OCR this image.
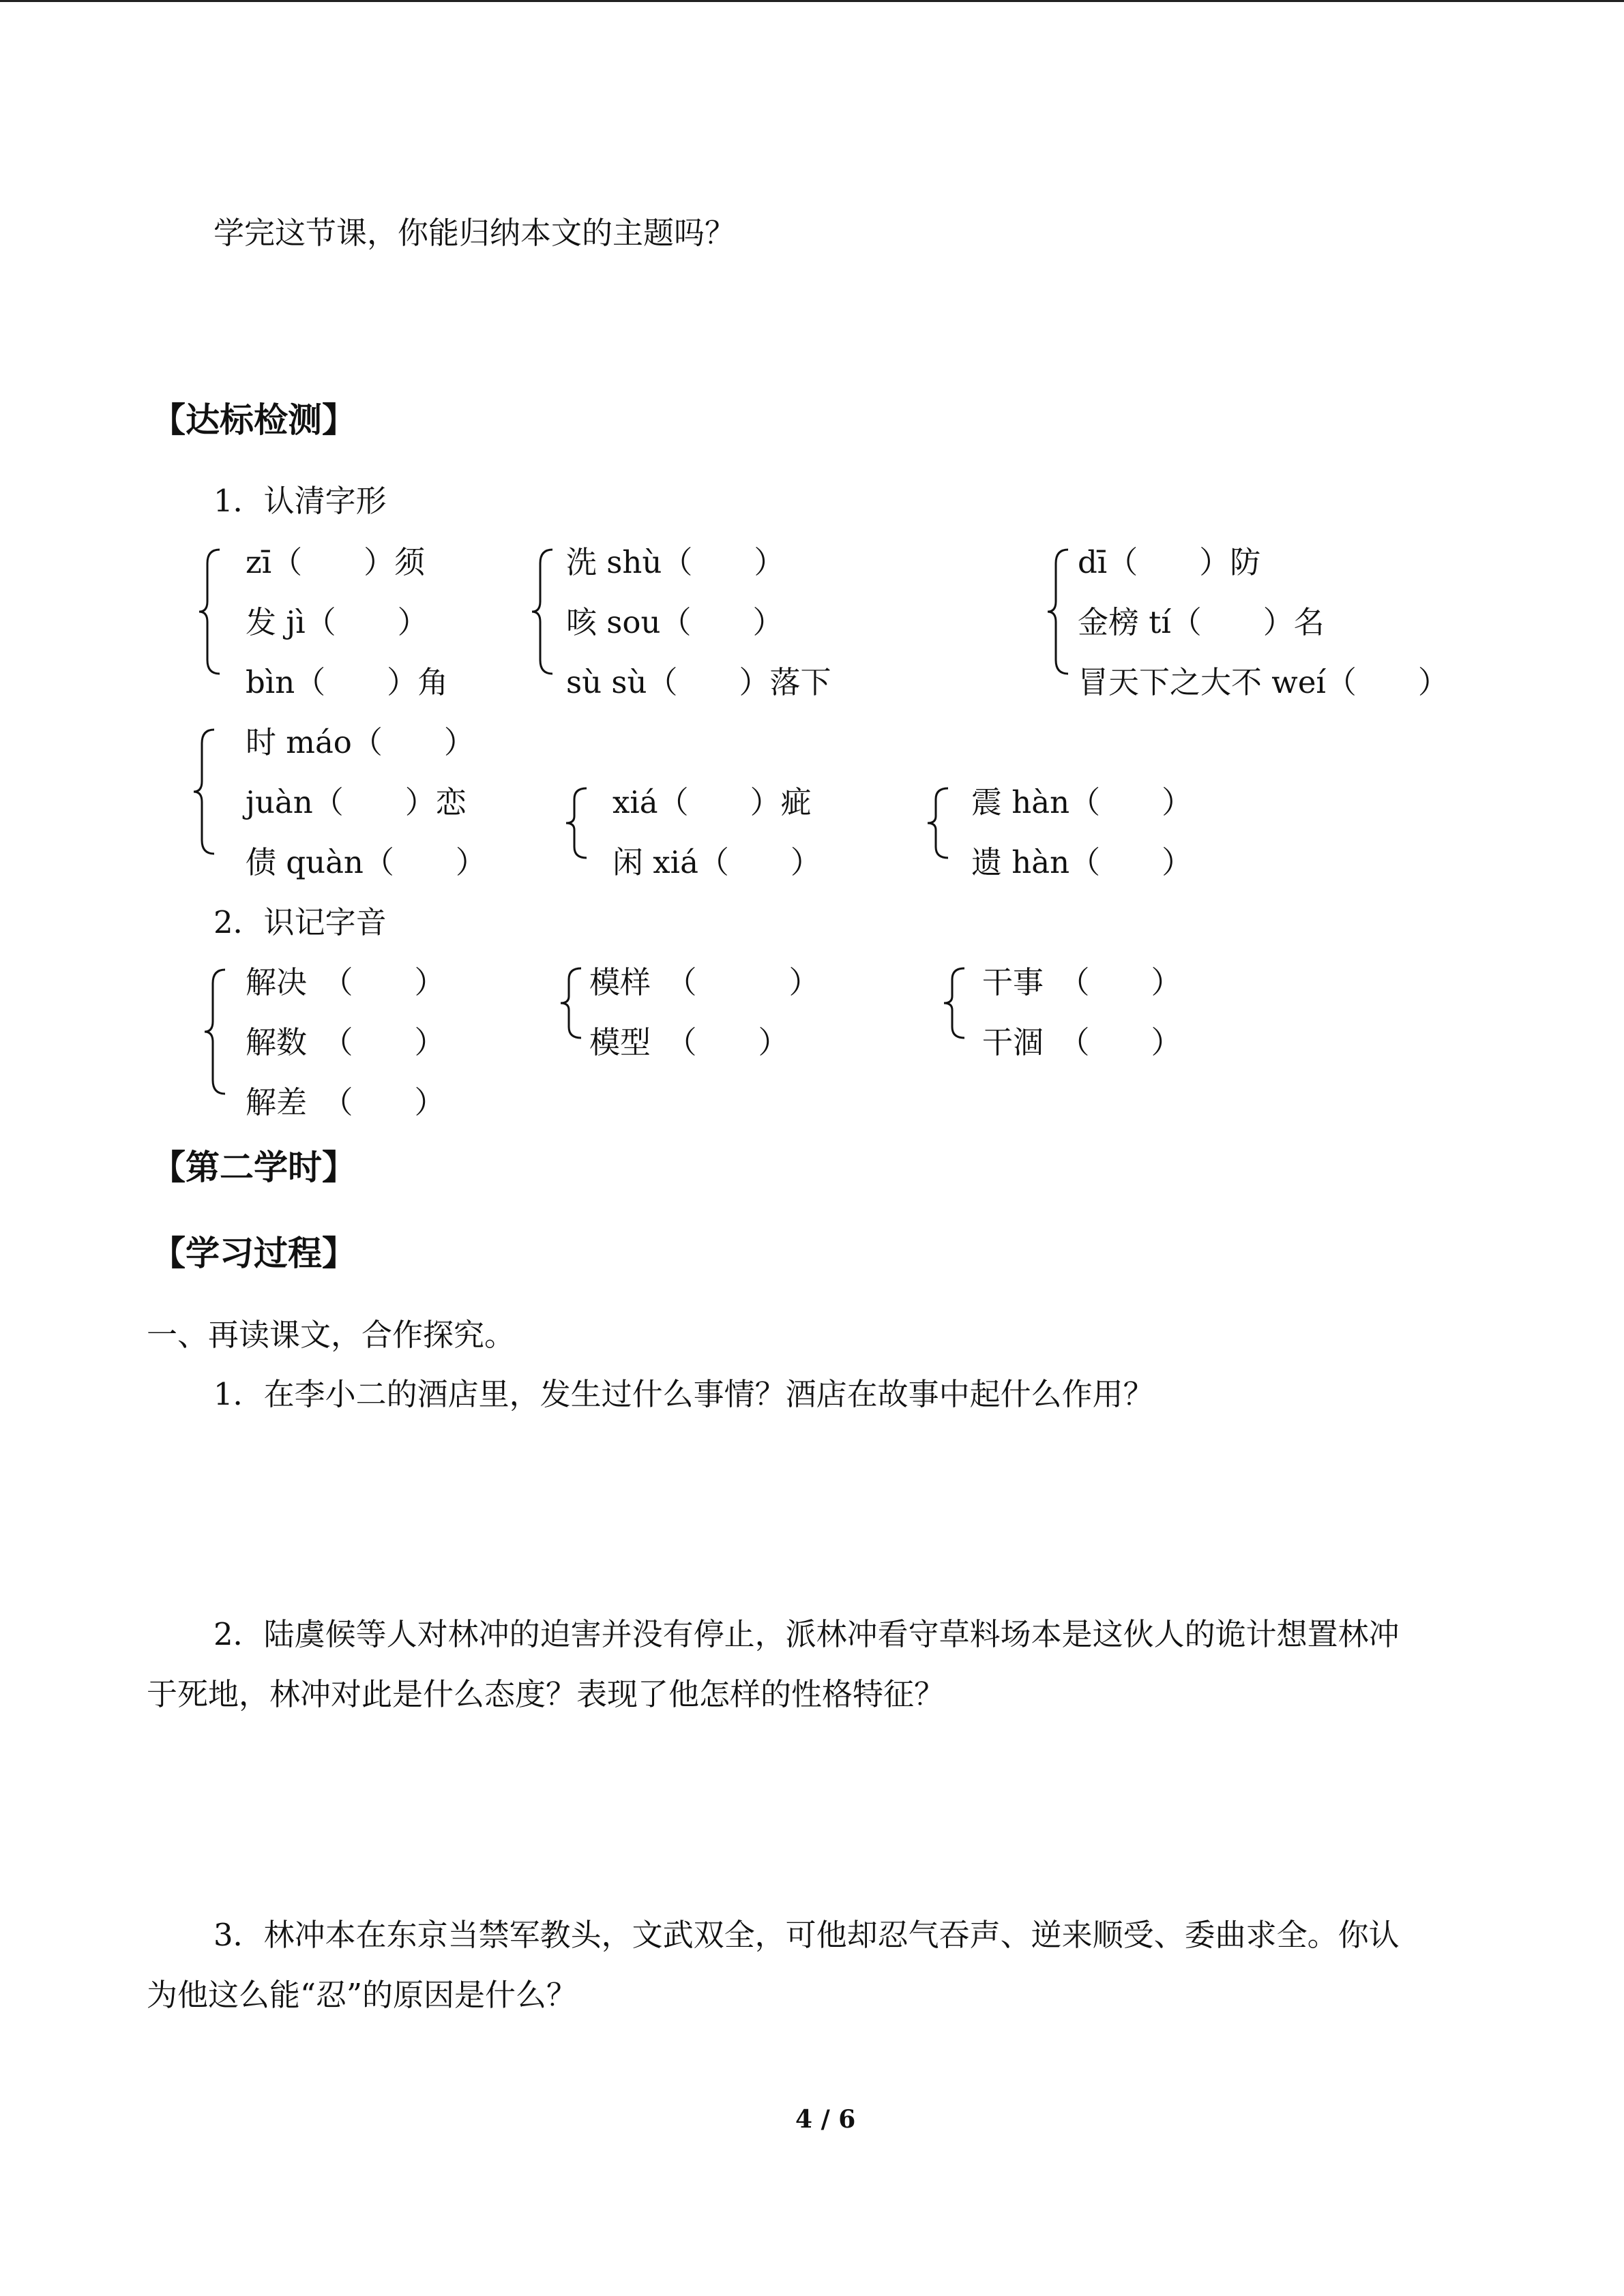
学完这节课，你能归纳本文的主题吗？
【达标检测】
1．认清字形
zī（　　）须
发 jì（　　）
bìn（　　）角
洗 shù（　　）
咳 sou（　　）
sù sù（　　）落下
dī（　　）防
金榜 tí（　　）名
冒天下之大不 weí（　　）
时 máo（　　）
juàn（　　）恋
债 quàn（　　）
xiá（　　）疵
闲 xiá（　　）
震 hàn（　　）
遗 hàn（　　）
2．识记字音
解决　（　　）
解数　（　　）
解差　（　　）
模样　（　　　）
模型　（　　）
干事　（　　）
干涸　（　　）
【第二学时】
【学习过程】
一、再读课文，合作探究。
1．在李小二的酒店里，发生过什么事情？酒店在故事中起什么作用？
2．陆虞候等人对林冲的迫害并没有停止，派林冲看守草料场本是这伙人的诡计想置林冲
于死地，林冲对此是什么态度？表现了他怎样的性格特征？
3．林冲本在东京当禁军教头，文武双全，可他却忍气吞声、逆来顺受、委曲求全。你认
为他这么能“忍”的原因是什么？
4 / 6
